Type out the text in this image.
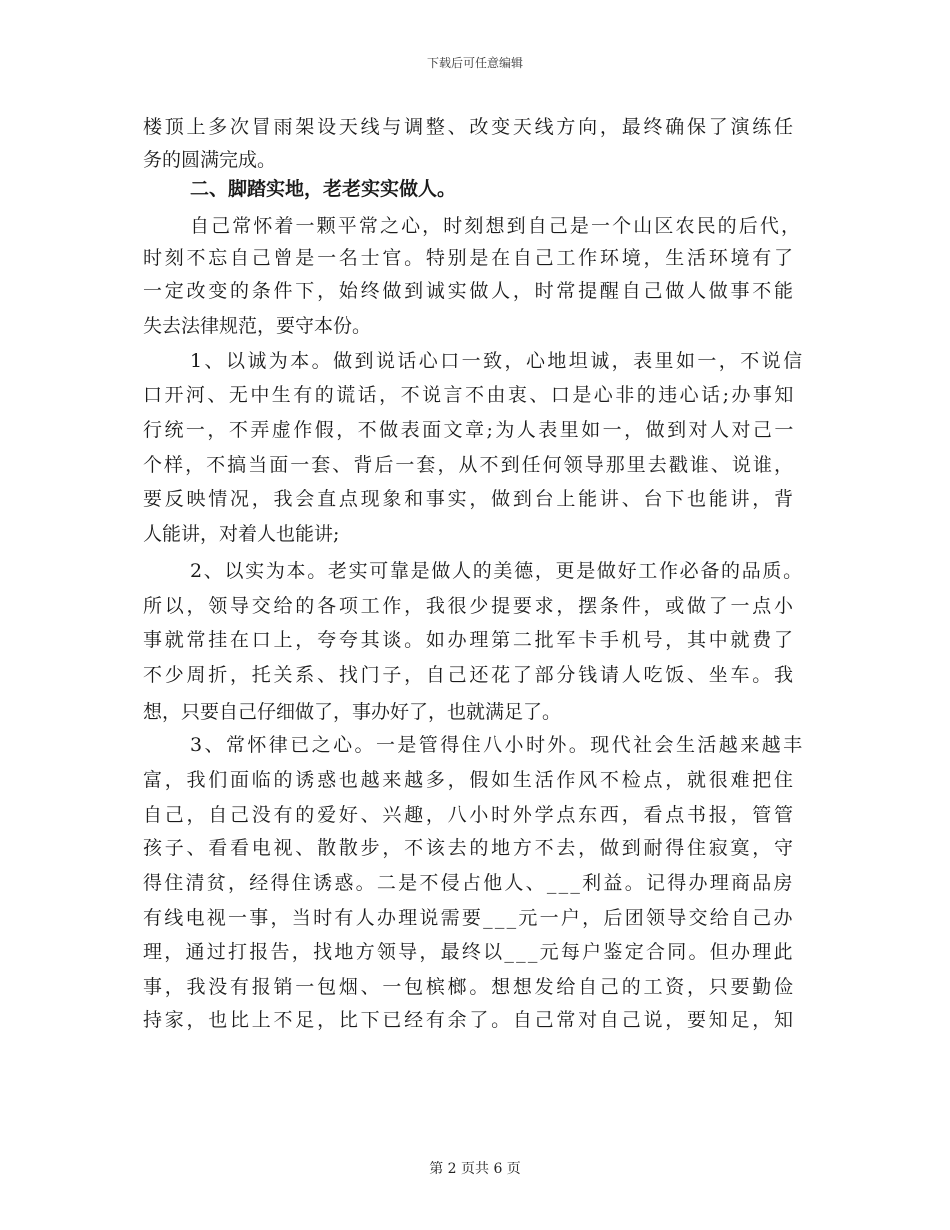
下载后可任意编辑
楼顶上多次冒雨架设天线与调整、改变天线方向，最终确保了演练任
务的圆满完成。
二、脚踏实地，老老实实做人。
自己常怀着一颗平常之心，时刻想到自己是一个山区农民的后代，
时刻不忘自己曾是一名士官。特别是在自己工作环境，生活环境有了
一定改变的条件下，始终做到诚实做人，时常提醒自己做人做事不能
失去法律规范，要守本份。
1、以诚为本。做到说话心口一致，心地坦诚，表里如一，不说信
口开河、无中生有的谎话，不说言不由衷、口是心非的违心话;办事知
行统一，不弄虚作假，不做表面文章;为人表里如一，做到对人对己一
个样，不搞当面一套、背后一套，从不到任何领导那里去戳谁、说谁，
要反映情况，我会直点现象和事实，做到台上能讲、台下也能讲，背
人能讲，对着人也能讲;
2、以实为本。老实可靠是做人的美德，更是做好工作必备的品质。
所以，领导交给的各项工作，我很少提要求，摆条件，或做了一点小
事就常挂在口上，夸夸其谈。如办理第二批军卡手机号，其中就费了
不少周折，托关系、找门子，自己还花了部分钱请人吃饭、坐车。我
想，只要自己仔细做了，事办好了，也就满足了。
3、常怀律已之心。一是管得住八小时外。现代社会生活越来越丰
富，我们面临的诱惑也越来越多，假如生活作风不检点，就很难把住
自己，自己没有的爱好、兴趣，八小时外学点东西，看点书报，管管
孩子、看看电视、散散步，不该去的地方不去，做到耐得住寂寞，守
得住清贫，经得住诱惑。二是不侵占他人、___利益。记得办理商品房
有线电视一事，当时有人办理说需要___元一户，后团领导交给自己办
理，通过打报告，找地方领导，最终以___元每户鉴定合同。但办理此
事，我没有报销一包烟、一包槟榔。想想发给自己的工资，只要勤俭
持家，也比上不足，比下已经有余了。自己常对自己说，要知足，知
第 2 页共 6 页
